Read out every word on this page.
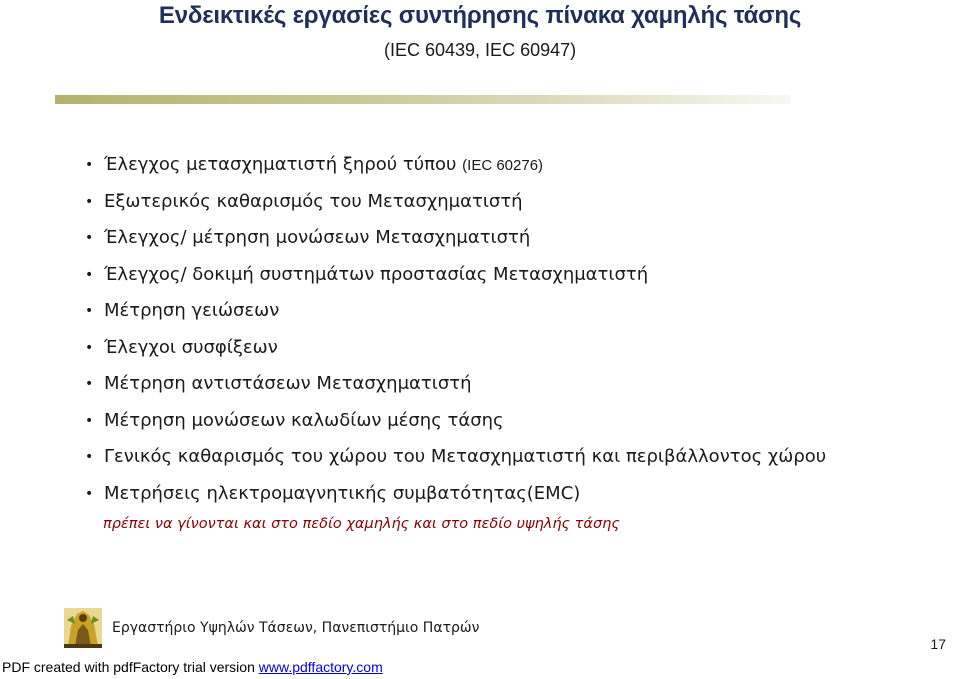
Ενδεικτικές εργασίες συντήρησης πίνακα χαμηλής τάσης
(IEC 60439, IEC 60947)
• Έλεγχος μετασχηματιστή ξηρού τύπου (IEC 60276)
• Εξωτερικός καθαρισμός του Μετασχηματιστή
• Έλεγχος/ μέτρηση μονώσεων Μετασχηματιστή
• Έλεγχος/ δοκιμή συστημάτων προστασίας Μετασχηματιστή
• Μέτρηση γειώσεων
• Έλεγχοι συσφίξεων
• Μέτρηση αντιστάσεων Μετασχηματιστή
• Μέτρηση μονώσεων καλωδίων μέσης τάσης
• Γενικός καθαρισμός του χώρου του Μετασχηματιστή και περιβάλλοντος χώρου
• Μετρήσεις ηλεκτρομαγνητικής συμβατότητας(EMC)
πρέπει να γίνονται και στο πεδίο χαμηλής και στο πεδίο υψηλής τάσης
Εργαστήριο Υψηλών Τάσεων, Πανεπιστήμιο Πατρών
17
PDF created with pdfFactory trial version www.pdffactory.com
